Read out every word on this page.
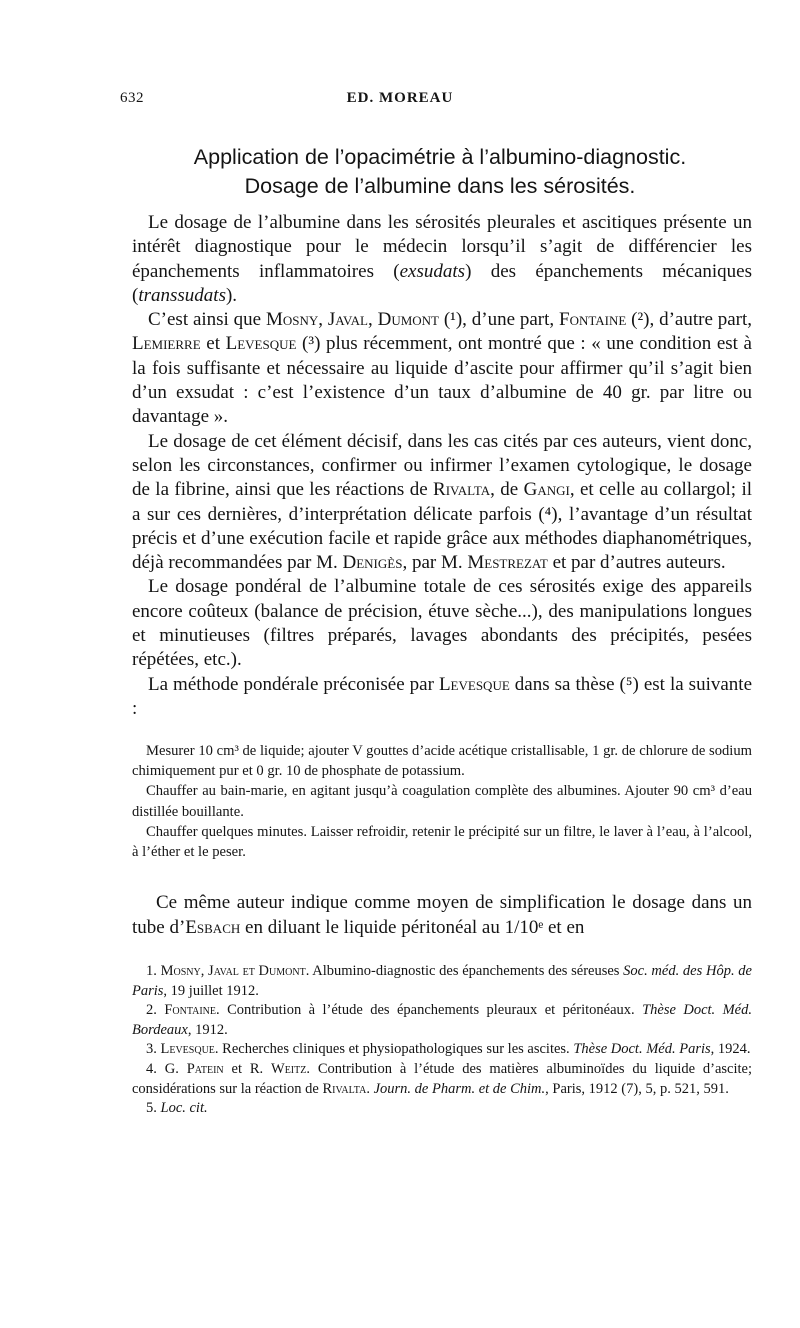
632	ED. MOREAU
Application de l’opacimétrie à l’albumino-diagnostic.
Dosage de l’albumine dans les sérosités.

Le dosage de l’albumine dans les sérosités pleurales et ascitiques présente un intérêt diagnostique pour le médecin lorsqu’il s’agit de différencier les épanchements inflammatoires (exsudats) des épanchements mécaniques (transsudats).

C’est ainsi que Mosny, Javal, Dumont (¹), d’une part, Fontaine (²), d’autre part, Lemierre et Levesque (³) plus récemment, ont montré que : « une condition est à la fois suffisante et nécessaire au liquide d’ascite pour affirmer qu’il s’agit bien d’un exsudat : c’est l’existence d’un taux d’albumine de 40 gr. par litre ou davantage ».

Le dosage de cet élément décisif, dans les cas cités par ces auteurs, vient donc, selon les circonstances, confirmer ou infirmer l’examen cytologique, le dosage de la fibrine, ainsi que les réactions de Rivalta, de Gangi, et celle au collargol; il a sur ces dernières, d’interprétation délicate parfois (⁴), l’avantage d’un résultat précis et d’une exécution facile et rapide grâce aux méthodes diaphanométriques, déjà recommandées par M. Denigès, par M. Mestrezat et par d’autres auteurs.

Le dosage pondéral de l’albumine totale de ces sérosités exige des appareils encore coûteux (balance de précision, étuve sèche...), des manipulations longues et minutieuses (filtres préparés, lavages abondants des précipités, pesées répétées, etc.).

La méthode pondérale préconisée par Levesque dans sa thèse (⁵) est la suivante :

Mesurer 10 cm³ de liquide; ajouter V gouttes d’acide acétique cristallisable, 1 gr. de chlorure de sodium chimiquement pur et 0 gr. 10 de phosphate de potassium.

Chauffer au bain-marie, en agitant jusqu’à coagulation complète des albumines. Ajouter 90 cm³ d’eau distillée bouillante.

Chauffer quelques minutes. Laisser refroidir, retenir le précipité sur un filtre, le laver à l’eau, à l’alcool, à l’éther et le peser.

Ce même auteur indique comme moyen de simplification le dosage dans un tube d’Esbach en diluant le liquide péritonéal au 1/10ᵉ et en

1. Mosny, Javal et Dumont. Albumino-diagnostic des épanchements des séreuses Soc. méd. des Hôp. de Paris, 19 juillet 1912.

2. Fontaine. Contribution à l’étude des épanchements pleuraux et péritonéaux. Thèse Doct. Méd. Bordeaux, 1912.

3. Levesque. Recherches cliniques et physiopathologiques sur les ascites. Thèse Doct. Méd. Paris, 1924.

4. G. Patein et R. Weitz. Contribution à l’étude des matières albuminoïdes du liquide d’ascite; considérations sur la réaction de Rivalta. Journ. de Pharm. et de Chim., Paris, 1912 (7), 5, p. 521, 591.

5. Loc. cit.
